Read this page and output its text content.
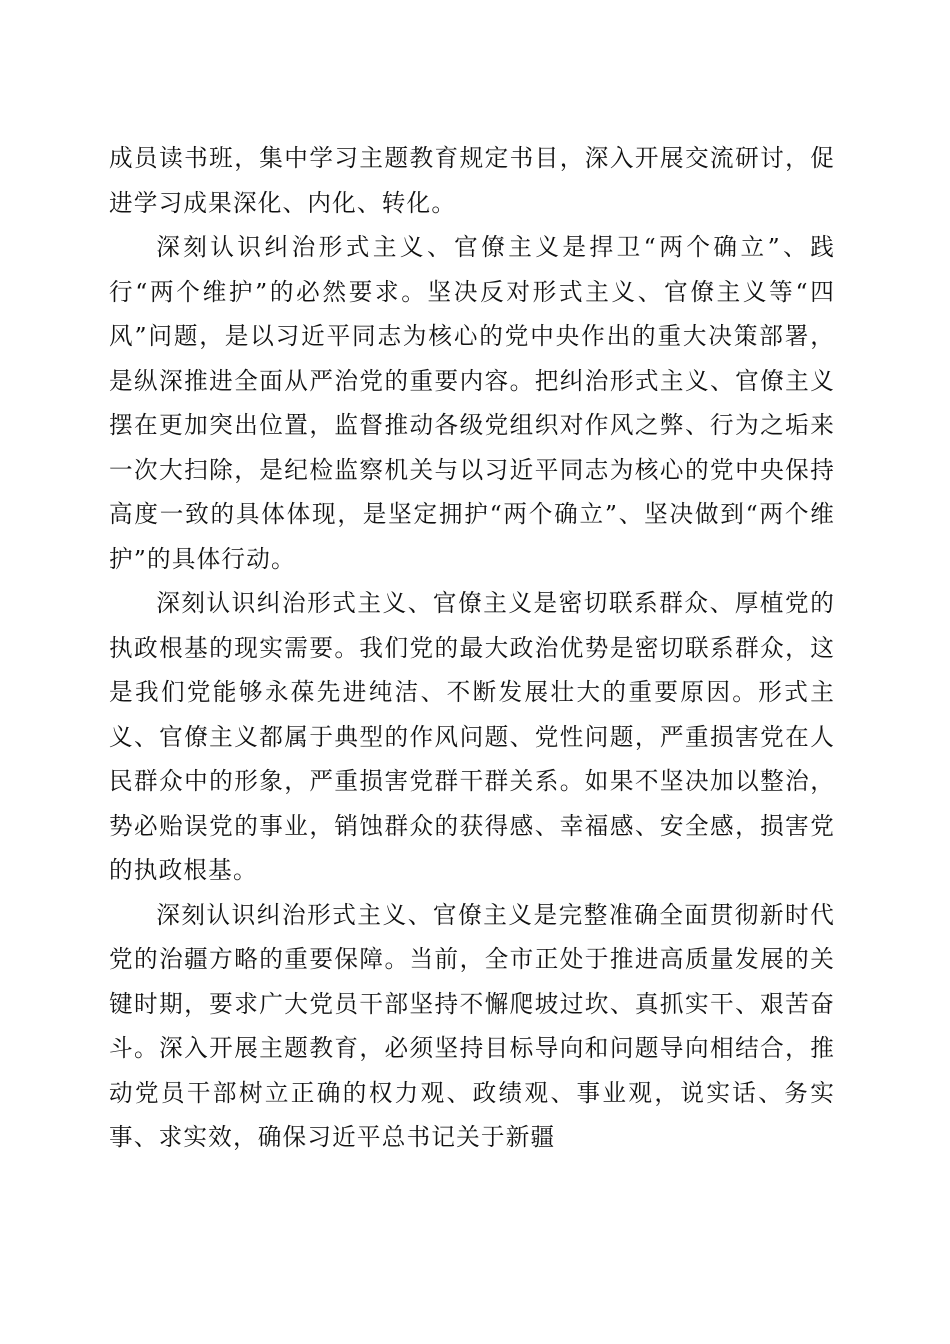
成员读书班，集中学习主题教育规定书目，深入开展交流研讨，促进学习成果深化、内化、转化。

深刻认识纠治形式主义、官僚主义是捍卫“两个确立”、践行“两个维护”的必然要求。坚决反对形式主义、官僚主义等“四风”问题，是以习近平同志为核心的党中央作出的重大决策部署，是纵深推进全面从严治党的重要内容。把纠治形式主义、官僚主义摆在更加突出位置，监督推动各级党组织对作风之弊、行为之垢来一次大扫除，是纪检监察机关与以习近平同志为核心的党中央保持高度一致的具体体现，是坚定拥护“两个确立”、坚决做到“两个维护”的具体行动。

深刻认识纠治形式主义、官僚主义是密切联系群众、厚植党的执政根基的现实需要。我们党的最大政治优势是密切联系群众，这是我们党能够永葆先进纯洁、不断发展壮大的重要原因。形式主义、官僚主义都属于典型的作风问题、党性问题，严重损害党在人民群众中的形象，严重损害党群干群关系。如果不坚决加以整治，势必贻误党的事业，销蚀群众的获得感、幸福感、安全感，损害党的执政根基。

深刻认识纠治形式主义、官僚主义是完整准确全面贯彻新时代党的治疆方略的重要保障。当前，全市正处于推进高质量发展的关键时期，要求广大党员干部坚持不懈爬坡过坎、真抓实干、艰苦奋斗。深入开展主题教育，必须坚持目标导向和问题导向相结合，推动党员干部树立正确的权力观、政绩观、事业观，说实话、务实事、求实效，确保习近平总书记关于新疆
